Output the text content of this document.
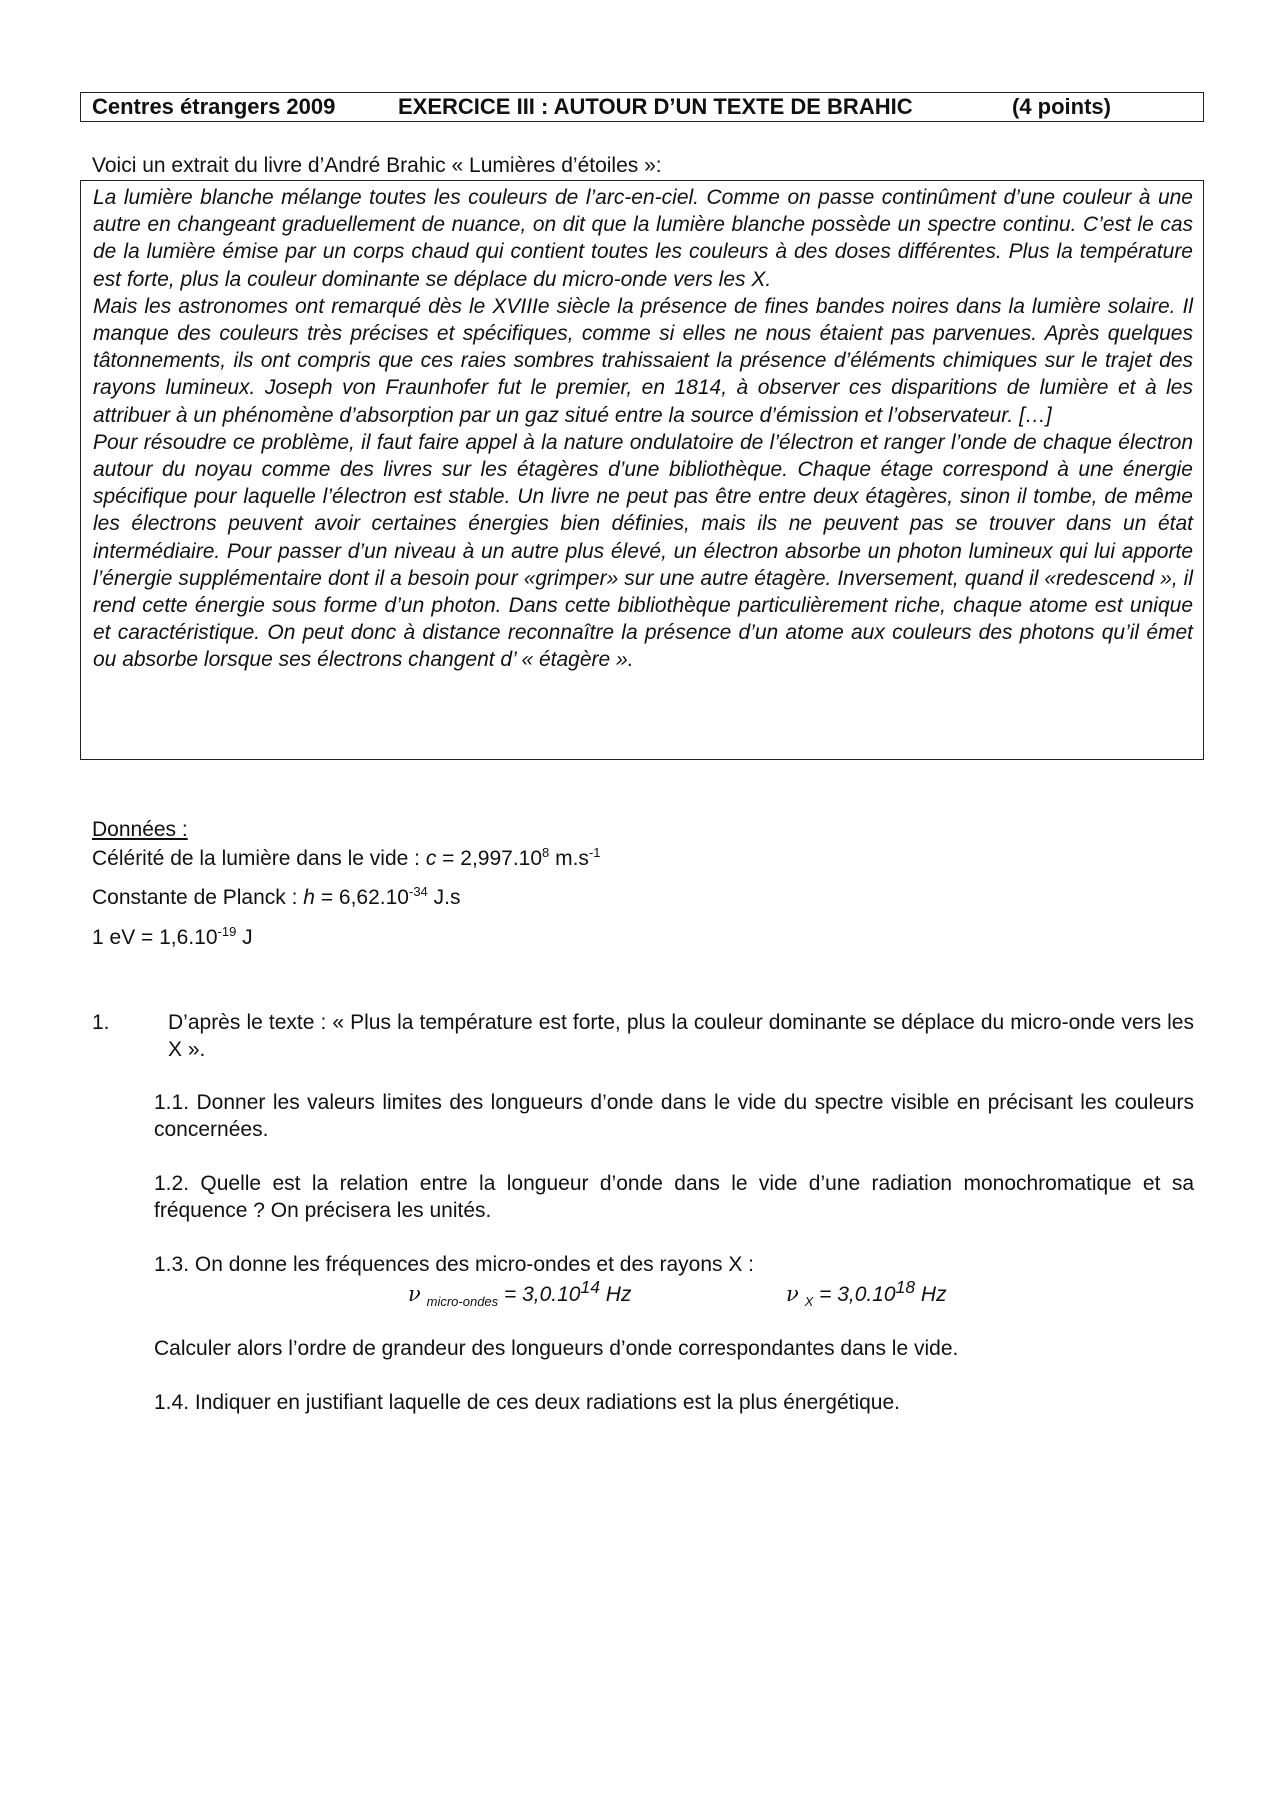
Centres étrangers 2009	EXERCICE III : AUTOUR D’UN TEXTE DE BRAHIC	(4 points)
Voici un extrait du livre d’André Brahic « Lumières d’étoiles »:

La lumière blanche mélange toutes les couleurs de l’arc-en-ciel. Comme on passe continûment d’une couleur à une autre en changeant graduellement de nuance, on dit que la lumière blanche possède un spectre continu. C’est le cas de la lumière émise par un corps chaud qui contient toutes les couleurs à des doses différentes. Plus la température est forte, plus la couleur dominante se déplace du micro-onde vers les X.

Mais les astronomes ont remarqué dès le XVIIIe siècle la présence de fines bandes noires dans la lumière solaire. Il manque des couleurs très précises et spécifiques, comme si elles ne nous étaient pas parvenues. Après quelques tâtonnements, ils ont compris que ces raies sombres trahissaient la présence d’éléments chimiques sur le trajet des rayons lumineux. Joseph von Fraunhofer fut le premier, en 1814, à observer ces disparitions de lumière et à les attribuer à un phénomène d’absorption par un gaz situé entre la source d’émission et l’observateur. […]

Pour résoudre ce problème, il faut faire appel à la nature ondulatoire de l’électron et ranger l’onde de chaque électron autour du noyau comme des livres sur les étagères d’une bibliothèque. Chaque étage correspond à une énergie spécifique pour laquelle l’électron est stable. Un livre ne peut pas être entre deux étagères, sinon il tombe, de même les électrons peuvent avoir certaines énergies bien définies, mais ils ne peuvent pas se trouver dans un état intermédiaire. Pour passer d’un niveau à un autre plus élevé, un électron absorbe un photon lumineux qui lui apporte l’énergie supplémentaire dont il a besoin pour «grimper» sur une autre étagère. Inversement, quand il «redescend », il rend cette énergie sous forme d’un photon. Dans cette bibliothèque particulièrement riche, chaque atome est unique et caractéristique. On peut donc à distance reconnaître la présence d’un atome aux couleurs des photons qu’il émet ou absorbe lorsque ses électrons changent d’ « étagère ».

Données :
Célérité de la lumière dans le vide : $c = 2,997.10^8$ $m.s^{-1}$
Constante de Planck : $h = 6,62.10^{-34}$ J.s
1 eV = $1,6.10^{-19}$ J
1.	D’après le texte : « Plus la température est forte, plus la couleur dominante se déplace du micro-onde vers les X ».
1.1. Donner les valeurs limites des longueurs d’onde dans le vide du spectre visible en précisant les couleurs concernées.
1.2. Quelle est la relation entre la longueur d’onde dans le vide d’une radiation monochromatique et sa fréquence ? On précisera les unités.
1.3. On donne les fréquences des micro-ondes et des rayons X :
ν $_{micro-ondes} = 3,0.10^{14}$ Hz	ν $_X = 3,0.10^{18}$ Hz
Calculer alors l’ordre de grandeur des longueurs d’onde correspondantes dans le vide.
1.4. Indiquer en justifiant laquelle de ces deux radiations est la plus énergétique.
